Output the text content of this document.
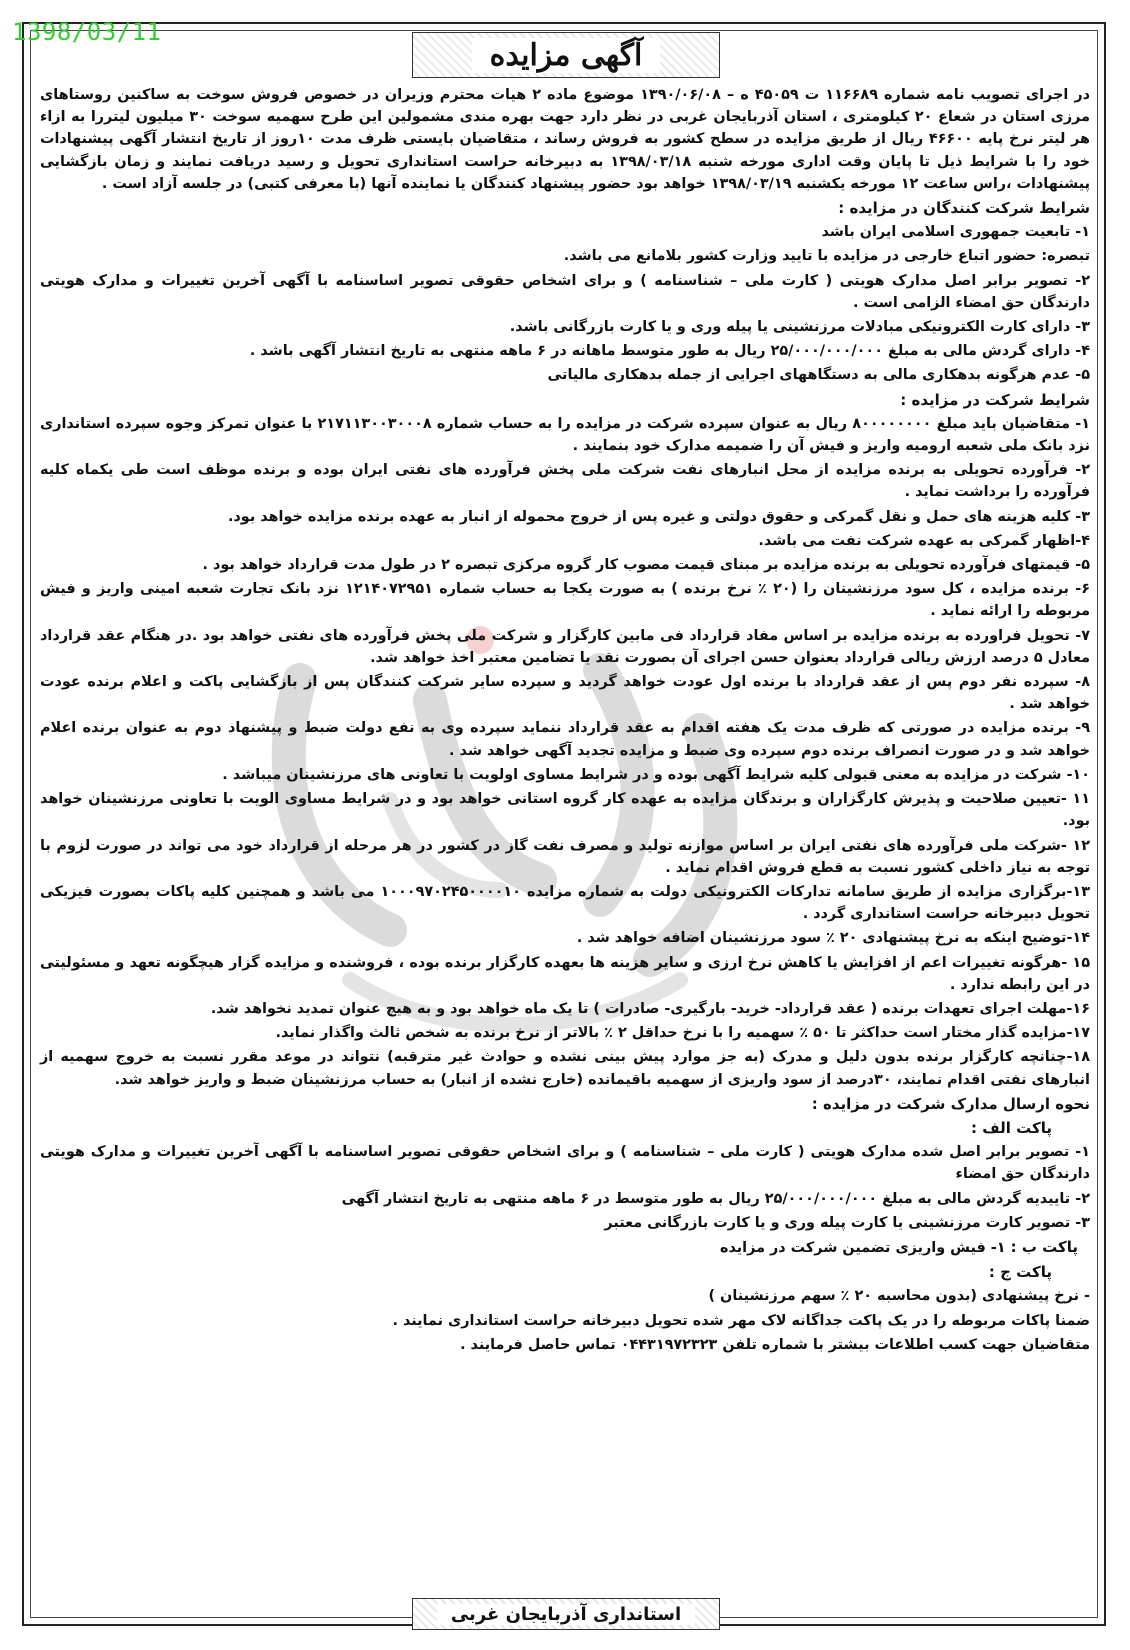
1398/03/11
آگهی مزایده

در اجرای تصویب نامه شماره ۱۱۶۶۸۹ ت ۴۵۰۵۹ ه – ۱۳۹۰/۰۶/۰۸ موضوع ماده ۲ هیات محترم وزیران در خصوص فروش سوخت به ساکنین روستاهای مرزی استان در شعاع ۲۰ کیلومتری ، استان آذربایجان غربی در نظر دارد جهت بهره مندی مشمولین این طرح سهمیه سوخت ۳۰ میلیون لیتررا به ازاء هر لیتر نرخ پایه ۴۶۶۰۰ ریال از طریق مزایده در سطح کشور به فروش رساند ، متقاضیان بایستی ظرف مدت ۱۰روز از تاریخ انتشار آگهی پیشنهادات خود را با شرایط ذیل تا پایان وقت اداری مورخه شنبه ۱۳۹۸/۰۳/۱۸ به دبیرخانه حراست استانداری تحویل و رسید دریافت نمایند و زمان بازگشایی پیشنهادات ،راس ساعت ۱۲ مورخه یکشنبه ۱۳۹۸/۰۳/۱۹ خواهد بود حضور پیشنهاد کنندگان یا نماینده آنها (با معرفی کتبی) در جلسه آزاد است .

شرایط شرکت کنندگان در مزایده :

۱- تابعیت جمهوری اسلامی ایران باشد

تبصره: حضور اتباع خارجی در مزایده با تایید وزارت کشور بلامانع می باشد.

۲- تصویر برابر اصل مدارک هویتی ( کارت ملی – شناسنامه ) و برای اشخاص حقوقی تصویر اساسنامه با آگهی آخرین تغییرات و مدارک هویتی دارندگان حق امضاء الزامی است .

۳- دارای کارت الکترونیکی مبادلات مرزنشینی یا پیله وری و یا کارت بازرگانی باشد.

۴- دارای گردش مالی به مبلغ ۲۵/۰۰۰/۰۰۰/۰۰۰ ریال به طور متوسط ماهانه در ۶ ماهه منتهی به تاریخ انتشار آگهی باشد .

۵- عدم هرگونه بدهکاری مالی به دستگاههای اجرایی از جمله بدهکاری مالیاتی

شرایط شرکت در مزایده :

۱- متقاضیان باید مبلغ ۸۰۰۰۰۰۰۰۰ ریال به عنوان سپرده شرکت در مزایده را به حساب شماره ۲۱۷۱۱۳۰۰۳۰۰۰۸ با عنوان تمرکز وجوه سپرده استانداری نزد بانک ملی شعبه ارومیه واریز و فیش آن را ضمیمه مدارک خود بنمایند .

۲- فرآورده تحویلی به برنده مزایده از محل انبارهای نفت شرکت ملی پخش فرآورده های نفتی ایران بوده و برنده موظف است طی یکماه کلیه فرآورده را برداشت نماید .

۳- کلیه هزینه های حمل و نقل گمرکی و حقوق دولتی و غیره پس از خروج محموله از انبار به عهده برنده مزایده خواهد بود.

۴-اظهار گمرکی به عهده شرکت نفت می باشد.

۵- قیمتهای فرآورده تحویلی به برنده مزایده بر مبنای قیمت مصوب کار گروه مرکزی تبصره ۲ در طول مدت قرارداد خواهد بود .

۶- برنده مزایده ، کل سود مرزنشینان را (۲۰ ٪ نرخ برنده ) به صورت یکجا به حساب شماره ۱۲۱۴۰۷۲۹۵۱ نزد بانک تجارت شعبه امینی واریز و فیش مربوطه را ارائه نماید .

۷- تحویل فراورده به برنده مزایده بر اساس مفاد قرارداد فی مابین کارگزار و شرکت ملی پخش فرآورده های نفتی خواهد بود .در هنگام عقد قرارداد معادل ۵ درصد ارزش ریالی قرارداد بعنوان حسن اجرای آن بصورت نقد یا تضامین معتبر اخذ خواهد شد.

۸- سپرده نفر دوم پس از عقد قرارداد با برنده اول عودت خواهد گردید و سپرده سایر شرکت کنندگان پس از بازگشایی پاکت و اعلام برنده عودت خواهد شد .

۹- برنده مزایده در صورتی که ظرف مدت یک هفته اقدام به عقد قرارداد ننماید سپرده وی به نفع دولت ضبط و پیشنهاد دوم به عنوان برنده اعلام خواهد شد و در صورت انصراف برنده دوم سپرده وی ضبط و مزایده تجدید آگهی خواهد شد .

۱۰- شرکت در مزایده به معنی قبولی کلیه شرایط آگهی بوده و در شرایط مساوی اولویت با تعاونی های مرزنشینان میباشد .

۱۱ -تعیین صلاحیت و پذیرش کارگزاران و برندگان مزایده به عهده کار گروه استانی خواهد بود و در شرایط مساوی الویت با تعاونی مرزنشینان خواهد بود.

۱۲ -شرکت ملی فرآورده های نفتی ایران بر اساس موازنه تولید و مصرف نفت گاز در کشور در هر مرحله از قرارداد خود می تواند در صورت لزوم با توجه به نیاز داخلی کشور نسبت به قطع فروش اقدام نماید .

۱۳-برگزاری مزایده از طریق سامانه تدارکات الکترونیکی دولت به شماره مزایده ۱۰۰۰۹۷۰۲۴۵۰۰۰۰۱۰ می باشد و همچنین کلیه پاکات بصورت فیزیکی تحویل دبیرخانه حراست استانداری گردد .

۱۴-توضیح اینکه به نرخ پیشنهادی ۲۰ ٪ سود مرزنشینان اضافه خواهد شد .

۱۵ -هرگونه تغییرات اعم از افزایش یا کاهش نرخ ارزی و سایر هزینه ها بعهده کارگزار برنده بوده ، فروشنده و مزایده گزار هیچگونه تعهد و مسئولیتی در این رابطه ندارد .

۱۶-مهلت اجرای تعهدات برنده ( عقد قرارداد- خرید- بارگیری- صادرات ) تا یک ماه خواهد بود و به هیچ عنوان تمدید نخواهد شد.

۱۷-مزایده گذار مختار است حداکثر تا ۵۰ ٪ سهمیه را با نرخ حداقل ۲ ٪ بالاتر از نرخ برنده به شخص ثالث واگذار نماید.

۱۸-چنانچه کارگزار برنده بدون دلیل و مدرک (به جز موارد پیش بینی نشده و حوادث غیر مترقبه) نتواند در موعد مقرر نسبت به خروج سهمیه از انبارهای نفتی اقدام نمایند، ۳۰درصد از سود واریزی از سهمیه باقیمانده (خارج نشده از انبار) به حساب مرزنشینان ضبط و واریز خواهد شد.

نحوه ارسال مدارک شرکت در مزایده :

پاکت الف :

۱- تصویر برابر اصل شده مدارک هویتی ( کارت ملی – شناسنامه ) و برای اشخاص حقوقی تصویر اساسنامه با آگهی آخرین تغییرات و مدارک هویتی دارندگان حق امضاء

۲- تاییدیه گردش مالی به مبلغ ۲۵/۰۰۰/۰۰۰/۰۰۰ ریال به طور متوسط در ۶ ماهه منتهی به تاریخ انتشار آگهی

۳- تصویر کارت مرزنشینی یا کارت پیله وری و یا کارت بازرگانی معتبر

پاکت ب : ۱- فیش واریزی تضمین شرکت در مزایده

پاکت ج :

- نرخ پیشنهادی (بدون محاسبه ۲۰ ٪ سهم مرزنشینان )

ضمنا پاکات مربوطه را در یک پاکت جداگانه لاک مهر شده تحویل دبیرخانه حراست استانداری نمایند .

متقاضیان جهت کسب اطلاعات بیشتر با شماره تلفن ۰۴۴۳۱۹۷۲۳۲۳ تماس حاصل فرمایند .

استانداری آذربایجان غربی
